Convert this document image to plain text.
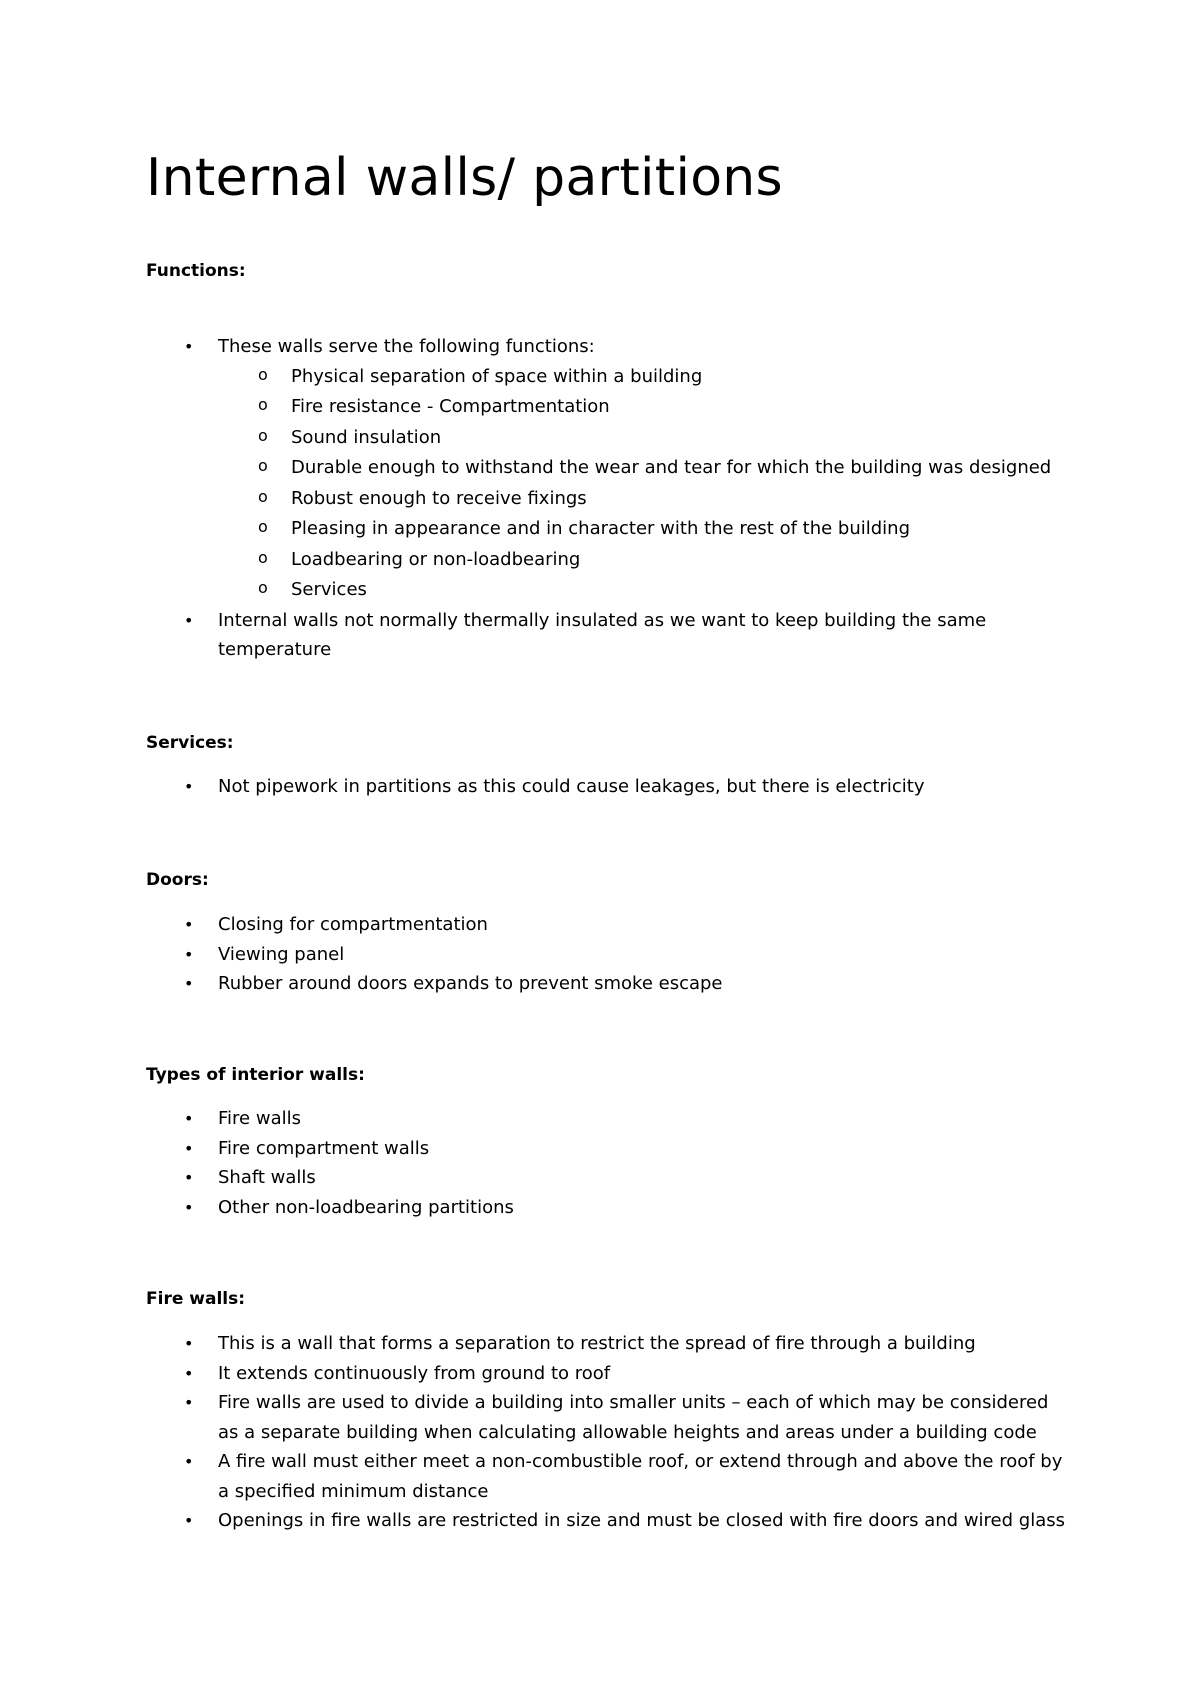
Internal walls/ partitions
Functions:
• These walls serve the following functions:
o Physical separation of space within a building
o Fire resistance - Compartmentation
o Sound insulation
o Durable enough to withstand the wear and tear for which the building was designed
o Robust enough to receive fixings
o Pleasing in appearance and in character with the rest of the building
o Loadbearing or non-loadbearing
o Services
• Internal walls not normally thermally insulated as we want to keep building the same temperature
Services:
• Not pipework in partitions as this could cause leakages, but there is electricity
Doors:
• Closing for compartmentation
• Viewing panel
• Rubber around doors expands to prevent smoke escape
Types of interior walls:
• Fire walls
• Fire compartment walls
• Shaft walls
• Other non-loadbearing partitions
Fire walls:
• This is a wall that forms a separation to restrict the spread of fire through a building
• It extends continuously from ground to roof
• Fire walls are used to divide a building into smaller units – each of which may be considered as a separate building when calculating allowable heights and areas under a building code
• A fire wall must either meet a non-combustible roof, or extend through and above the roof by a specified minimum distance
• Openings in fire walls are restricted in size and must be closed with fire doors and wired glass
